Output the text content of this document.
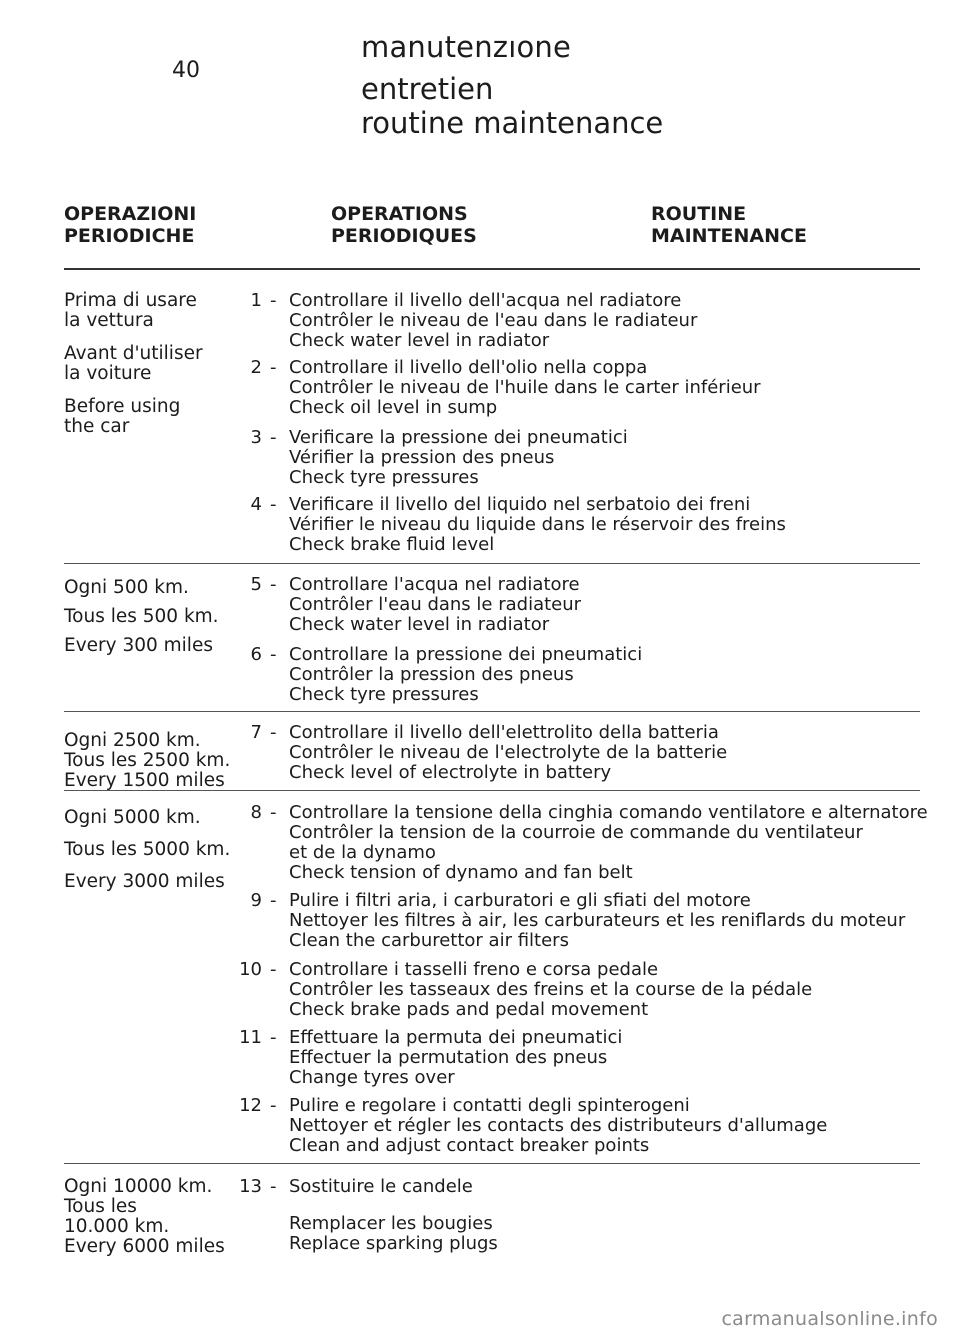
40
manutenzıone
entretien
routine maintenance
OPERAZIONI
PERIODICHE
OPERATIONS
PERIODIQUES
ROUTINE
MAINTENANCE
Prima di usare
la vettura
Avant d'utiliser
la voiture
Before using
the car
1 - Controllare il livello dell'acqua nel radiatore
Contrôler le niveau de l'eau dans le radiateur
Check water level in radiator
2 - Controllare il livello dell'olio nella coppa
Contrôler le niveau de l'huile dans le carter inférieur
Check oil level in sump
3 - Verificare la pressione dei pneumatici
Vérifier la pression des pneus
Check tyre pressures
4 - Verificare il livello del liquido nel serbatoio dei freni
Vérifier le niveau du liquide dans le réservoir des freins
Check brake fluid level
Ogni 500 km.
Tous les 500 km.
Every 300 miles
5 - Controllare l'acqua nel radiatore
Contrôler l'eau dans le radiateur
Check water level in radiator
6 - Controllare la pressione dei pneumatici
Contrôler la pression des pneus
Check tyre pressures
Ogni 2500 km.
Tous les 2500 km.
Every 1500 miles
7 - Controllare il livello dell'elettrolito della batteria
Contrôler le niveau de l'electrolyte de la batterie
Check level of electrolyte in battery
Ogni 5000 km.
Tous les 5000 km.
Every 3000 miles
8 - Controllare la tensione della cinghia comando ventilatore e alternatore
Contrôler la tension de la courroie de commande du ventilateur
et de la dynamo
Check tension of dynamo and fan belt
9 - Pulire i filtri aria, i carburatori e gli sfiati del motore
Nettoyer les filtres à air, les carburateurs et les reniflards du moteur
Clean the carburettor air filters
10 - Controllare i tasselli freno e corsa pedale
Contrôler les tasseaux des freins et la course de la pédale
Check brake pads and pedal movement
11 - Effettuare la permuta dei pneumatici
Effectuer la permutation des pneus
Change tyres over
12 - Pulire e regolare i contatti degli spinterogeni
Nettoyer et régler les contacts des distributeurs d'allumage
Clean and adjust contact breaker points
Ogni 10000 km.
Tous les
10.000 km.
Every 6000 miles
13 - Sostituire le candele
Remplacer les bougies
Replace sparking plugs
carmanualsonline.info
